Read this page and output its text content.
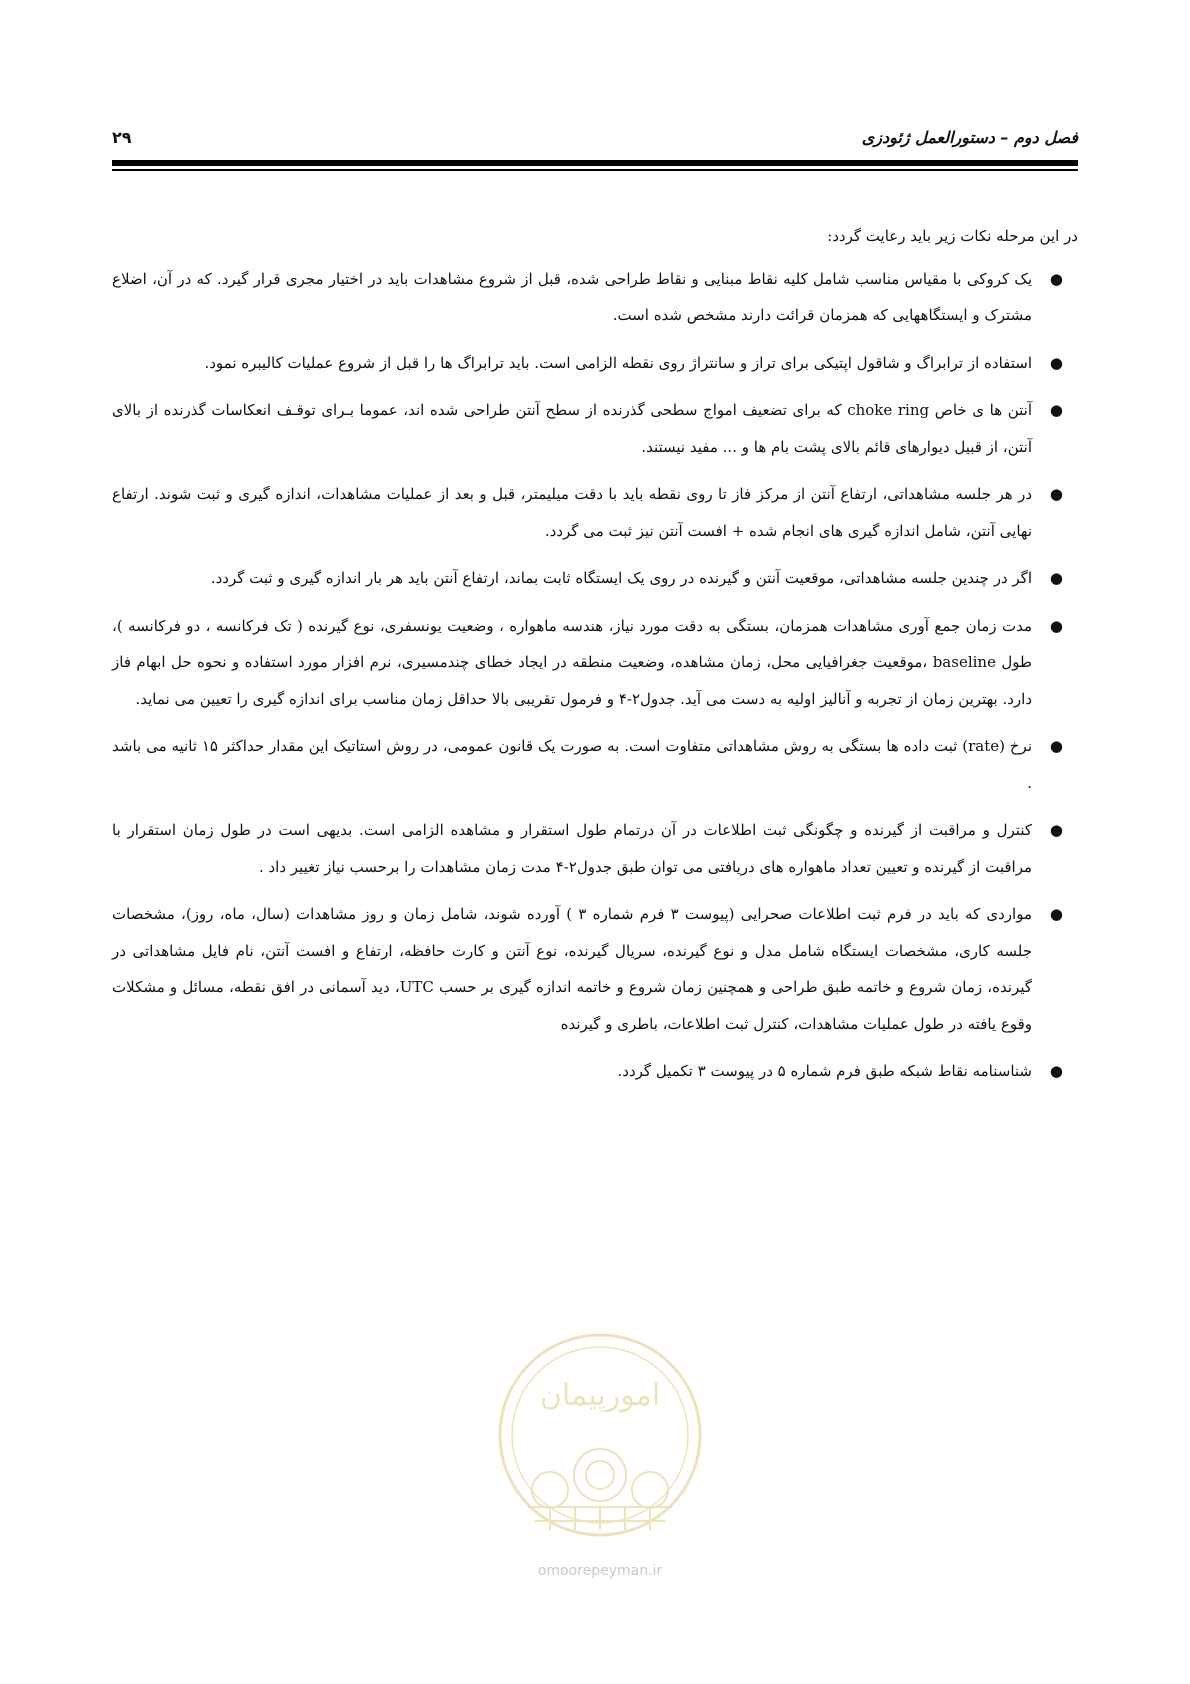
فصل دوم – دستورالعمل ژئودزی
۲۹

در این مرحله نکات زیر باید رعایت گردد:

●
یک کروکی با مقیاس مناسب شامل کلیه نقاط مبنایی و نقاط طراحی شده، قبل از شروع مشاهدات باید در اختیار مجری قرار گیرد. که در آن، اضلاع مشترک و ایستگاههایی که همزمان قرائت دارند مشخص شده است.
●
استفاده از ترابراگ و شاقول اپتیکی برای تراز و سانتراژ روی نقطه الزامی است. باید ترابراگ ها را قبل از شروع عملیات کالیبره نمود.
●
آنتن ها ی خاص choke ring که برای تضعیف امواج سطحی گذرنده از سطح آنتن طراحی شده اند، عموما بـرای توقـف انعکاسات گذرنده از بالای آنتن، از قبیل دیوارهای قائم بالای پشت بام ها و ... مفید نیستند.
●
در هر جلسه مشاهداتی، ارتفاع آنتن از مرکز فاز تا روی نقطه باید با دقت میلیمتر، قبل و بعد از عملیات مشاهدات، اندازه گیری و ثبت شوند. ارتفاع نهایی آنتن، شامل اندازه گیری های انجام شده + افست آنتن نیز ثبت می گردد.
●
اگر در چندین جلسه مشاهداتی، موقعیت آنتن و گیرنده در روی یک ایستگاه ثابت بماند، ارتفاع آنتن باید هر بار اندازه گیری و ثبت گردد.
●
مدت زمان جمع آوری مشاهدات همزمان، بستگی به دقت مورد نیاز، هندسه ماهواره ، وضعیت یونسفری، نوع گیرنده ( تک فرکانسه ، دو فرکانسه )، طول baseline ،موقعیت جغرافیایی محل، زمان مشاهده، وضعیت منطقه در ایجاد خطای چندمسیری، نرم افزار مورد استفاده و نحوه حل ابهام فاز دارد. بهترین زمان از تجربه و آنالیز اولیه به دست می آید. جدول۲-۴ و فرمول تقریبی بالا حداقل زمان مناسب برای اندازه گیری را تعیین می نماید.
●
نرخ (rate) ثبت داده ها بستگی به روش مشاهداتی متفاوت است. به صورت یک قانون عمومی، در روش استاتیک این مقدار حداکثر ۱۵ ثانیه می باشد .
●
کنترل و مراقبت از گیرنده و چگونگی ثبت اطلاعات در آن درتمام طول استقرار و مشاهده الزامی است. بدیهی است در طول زمان استقرار با مراقبت از گیرنده و تعیین تعداد ماهواره های دریافتی می توان طبق جدول۲-۴ مدت زمان مشاهدات را برحسب نیاز تغییر داد .
●
مواردی که باید در فرم ثبت اطلاعات صحرایی (پیوست ۳ فرم شماره ۳ ) آورده شوند، شامل زمان و روز مشاهدات (سال، ماه، روز)، مشخصات جلسه کاری، مشخصات ایستگاه شامل مدل و نوع گیرنده، سریال گیرنده، نوع آنتن و کارت حافظه، ارتفاع و افست آنتن، نام فایل مشاهداتی در گیرنده، زمان شروع و خاتمه طبق طراحی و همچنین زمان شروع و خاتمه اندازه گیری بر حسب UTC، دید آسمانی در افق نقطه، مسائل و مشکلات وقوع یافته در طول عملیات مشاهدات، کنترل ثبت اطلاعات، باطری و گیرنده
●
شناسنامه نقاط شبکه طبق فرم شماره ۵ در پیوست ۳ تکمیل گردد.
امورپیمان
omoorepeyman.ir
